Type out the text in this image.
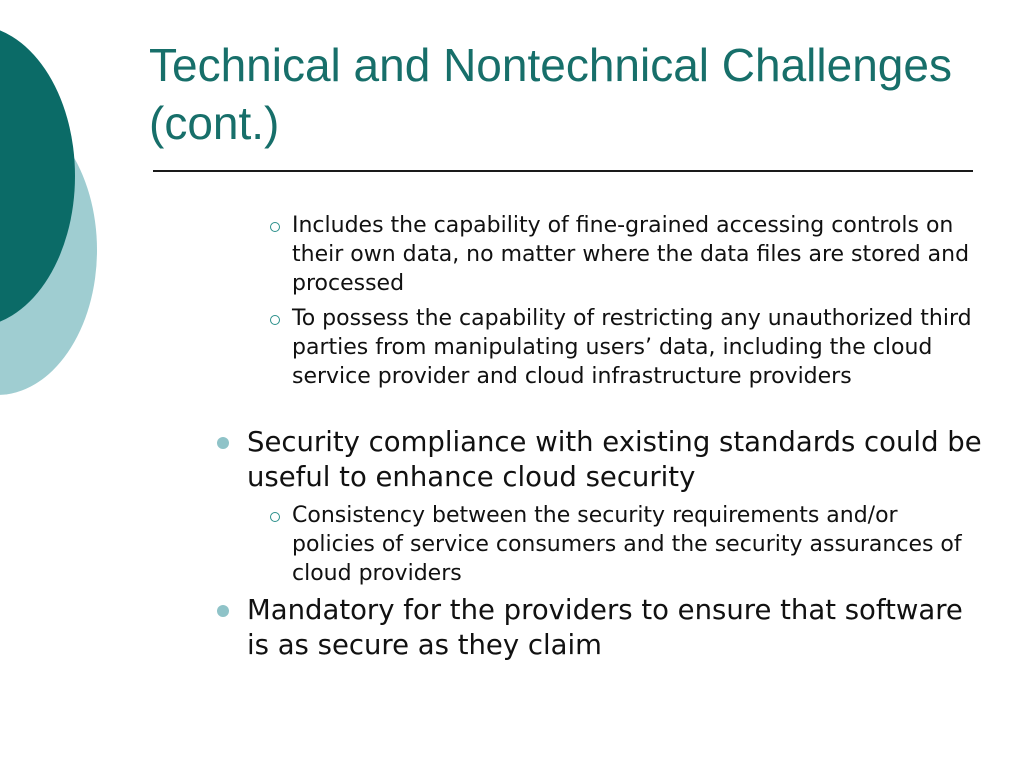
Technical and Nontechnical Challenges (cont.)
Includes the capability of fine-grained accessing controls on their own data, no matter where the data files are stored and processed
To possess the capability of restricting any unauthorized third parties from manipulating users’ data, including the cloud service provider and cloud infrastructure providers
Security compliance with existing standards could be useful to enhance cloud security
Consistency between the security requirements and/or policies of service consumers and the security assurances of cloud providers
Mandatory for the providers to ensure that software is as secure as they claim
